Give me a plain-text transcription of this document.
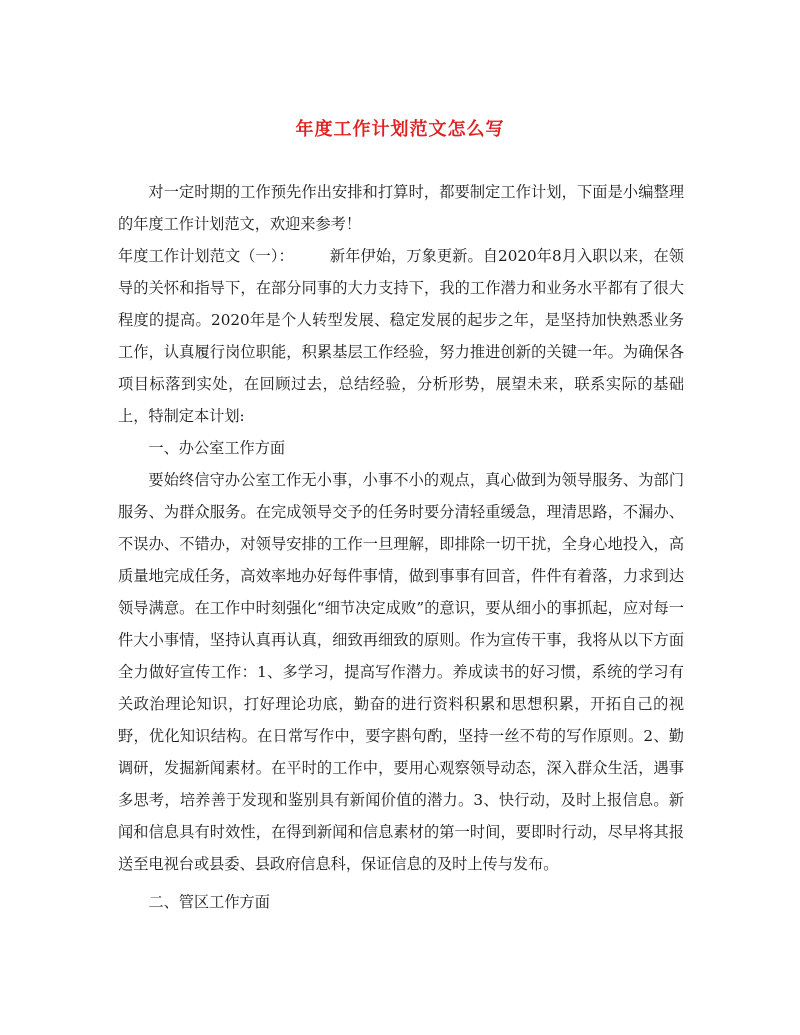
年度工作计划范文怎么写

对一定时期的工作预先作出安排和打算时，都要制定工作计划，下面是小编整理的年度工作计划范文，欢迎来参考！

年度工作计划范文（一）： 新年伊始，万象更新。自2020年8月入职以来，在领导的关怀和指导下，在部分同事的大力支持下，我的工作潜力和业务水平都有了很大程度的提高。2020年是个人转型发展、稳定发展的起步之年，是坚持加快熟悉业务工作，认真履行岗位职能，积累基层工作经验，努力推进创新的关键一年。为确保各项目标落到实处，在回顾过去，总结经验，分析形势，展望未来，联系实际的基础上，特制定本计划:

一、办公室工作方面

要始终信守办公室工作无小事，小事不小的观点，真心做到为领导服务、为部门服务、为群众服务。在完成领导交予的任务时要分清轻重缓急，理清思路，不漏办、不误办、不错办，对领导安排的工作一旦理解，即排除一切干扰，全身心地投入，高质量地完成任务，高效率地办好每件事情，做到事事有回音，件件有着落，力求到达领导满意。在工作中时刻强化“细节决定成败”的意识，要从细小的事抓起，应对每一件大小事情，坚持认真再认真，细致再细致的原则。作为宣传干事，我将从以下方面全力做好宣传工作：1、多学习，提高写作潜力。养成读书的好习惯，系统的学习有关政治理论知识，打好理论功底，勤奋的进行资料积累和思想积累，开拓自己的视野，优化知识结构。在日常写作中，要字斟句酌，坚持一丝不苟的写作原则。2、勤调研，发掘新闻素材。在平时的工作中，要用心观察领导动态，深入群众生活，遇事多思考，培养善于发现和鉴别具有新闻价值的潜力。3、快行动，及时上报信息。新闻和信息具有时效性，在得到新闻和信息素材的第一时间，要即时行动，尽早将其报送至电视台或县委、县政府信息科，保证信息的及时上传与发布。

二、管区工作方面
